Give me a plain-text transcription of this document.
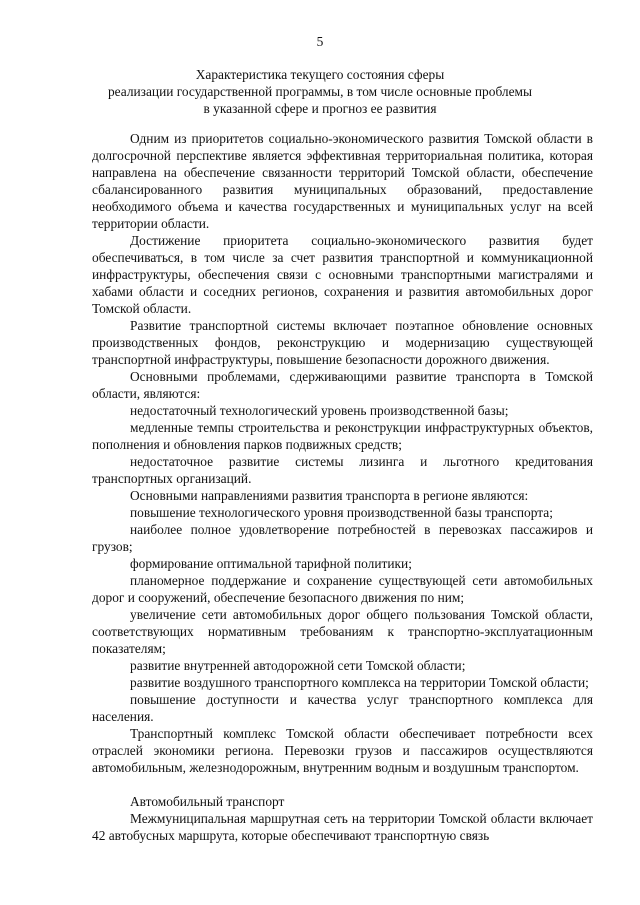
5
Характеристика текущего состояния сферы
реализации государственной программы, в том числе основные проблемы
в указанной сфере и прогноз ее развития

Одним из приоритетов социально-экономического развития Томской области в долгосрочной перспективе является эффективная территориальная политика, которая направлена на обеспечение связанности территорий Томской области, обеспечение сбалансированного развития муниципальных образований, предоставление необходимого объема и качества государственных и муниципальных услуг на всей территории области.

Достижение приоритета социально-экономического развития будет обеспечиваться, в том числе за счет развития транспортной и коммуникационной инфраструктуры, обеспечения связи с основными транспортными магистралями и хабами области и соседних регионов, сохранения и развития автомобильных дорог Томской области.

Развитие транспортной системы включает поэтапное обновление основных производственных фондов, реконструкцию и модернизацию существующей транспортной инфраструктуры, повышение безопасности дорожного движения.

Основными проблемами, сдерживающими развитие транспорта в Томской области, являются:

недостаточный технологический уровень производственной базы;

медленные темпы строительства и реконструкции инфраструктурных объектов, пополнения и обновления парков подвижных средств;

недостаточное развитие системы лизинга и льготного кредитования транспортных организаций.

Основными направлениями развития транспорта в регионе являются:

повышение технологического уровня производственной базы транспорта;

наиболее полное удовлетворение потребностей в перевозках пассажиров и грузов;

формирование оптимальной тарифной политики;

планомерное поддержание и сохранение существующей сети автомобильных дорог и сооружений, обеспечение безопасного движения по ним;

увеличение сети автомобильных дорог общего пользования Томской области, соответствующих нормативным требованиям к транспортно-эксплуатационным показателям;

развитие внутренней автодорожной сети Томской области;

развитие воздушного транспортного комплекса на территории Томской области;

повышение доступности и качества услуг транспортного комплекса для населения.

Транспортный комплекс Томской области обеспечивает потребности всех отраслей экономики региона. Перевозки грузов и пассажиров осуществляются автомобильным, железнодорожным, внутренним водным и воздушным транспортом.

Автомобильный транспорт

Межмуниципальная маршрутная сеть на территории Томской области включает 42 автобусных маршрута, которые обеспечивают транспортную связь
